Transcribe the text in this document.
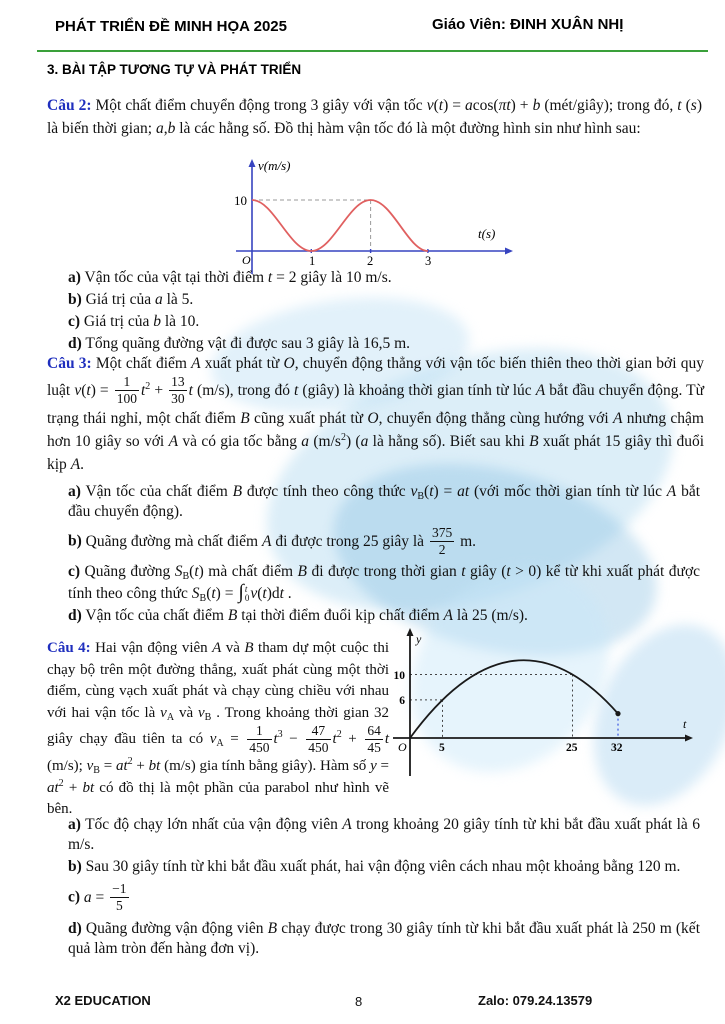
PHÁT TRIỂN ĐỀ MINH HỌA 2025	Giáo Viên: ĐINH XUÂN NHỊ
3. BÀI TẬP TƯƠNG TỰ VÀ PHÁT TRIỂN
Câu 2: Một chất điểm chuyển động trong 3 giây với vận tốc v(t) = acos(πt) + b (mét/giây); trong đó, t (s) là biến thời gian; a,b là các hằng số. Đồ thị hàm vận tốc đó là một đường hình sin như hình sau:
v(m/s)
t(s)
10
O	1	2	3
a) Vận tốc của vật tại thời điểm t = 2 giây là 10 m/s.
b) Giá trị của a là 5.
c) Giá trị của b là 10.
d) Tổng quãng đường vật đi được sau 3 giây là 16,5 m.
Câu 3: Một chất điểm A xuất phát từ O, chuyển động thẳng với vận tốc biến thiên theo thời gian bởi quy luật $v(t) = \frac{1}{100} t^2 + \frac{13}{30}$ t (m/s), trong đó t (giây) là khoảng thời gian tính từ lúc A bắt đầu chuyển động. Từ trạng thái nghỉ, một chất điểm B cũng xuất phát từ O, chuyển động thẳng cùng hướng với A nhưng chậm hơn 10 giây so với A và có gia tốc bằng a $(m/s^2)$ (a là hằng số). Biết sau khi B xuất phát 15 giây thì đuổi kịp A.
a) Vận tốc của chất điểm B được tính theo công thức $v_B(t)$ = at (với mốc thời gian tính từ lúc A bắt đầu chuyển động).
b) Quãng đường mà chất điểm A đi được trong 25 giây là $\frac{375}{2} m$.
c) Quãng đường $S_B(t)$ mà chất điểm B đi được trong thời gian t giây (t > 0) kể từ khi xuất phát được tính theo công thức $S_B(t)$ = ∫ t
0 v(t)dt .
d) Vận tốc của chất điểm B tại thời điểm đuổi kịp chất điểm A là 25 (m/s).
Câu 4: Hai vận động viên A và B tham dự một cuộc thi chạy bộ trên một đường thẳng, xuất phát cùng một thời điểm, cùng vạch xuất phát và chạy cùng chiều với nhau với hai vận tốc là $v_A$ và $v_B$ . Trong khoảng thời gian 32 giây chạy đầu tiên ta có $v_A = \frac{1}{450} t^3 - \frac{47}{450} t^2 + \frac{64}{45}$ t (m/s); $v_B = at^2$ + bt (m/s) gia tính bằng giây). Hàm số $y = at^2$ + bt có đồ thị là một phần của parabol như hình vẽ bên.
y
t
10
6
O	5	25	32
a) Tốc độ chạy lớn nhất của vận động viên A trong khoảng 20 giây tính từ khi bắt đầu xuất phát là 6 m/s.
b) Sau 30 giây tính từ khi bắt đầu xuất phát, hai vận động viên cách nhau một khoảng bằng 120 m.
c) $a = \frac{-1}{5}$
d) Quãng đường vận động viên B chạy được trong 30 giây tính từ khi bắt đầu xuất phát là 250 m (kết quả làm tròn đến hàng đơn vị).
X2 EDUCATION	8	Zalo: 079.24.13579
